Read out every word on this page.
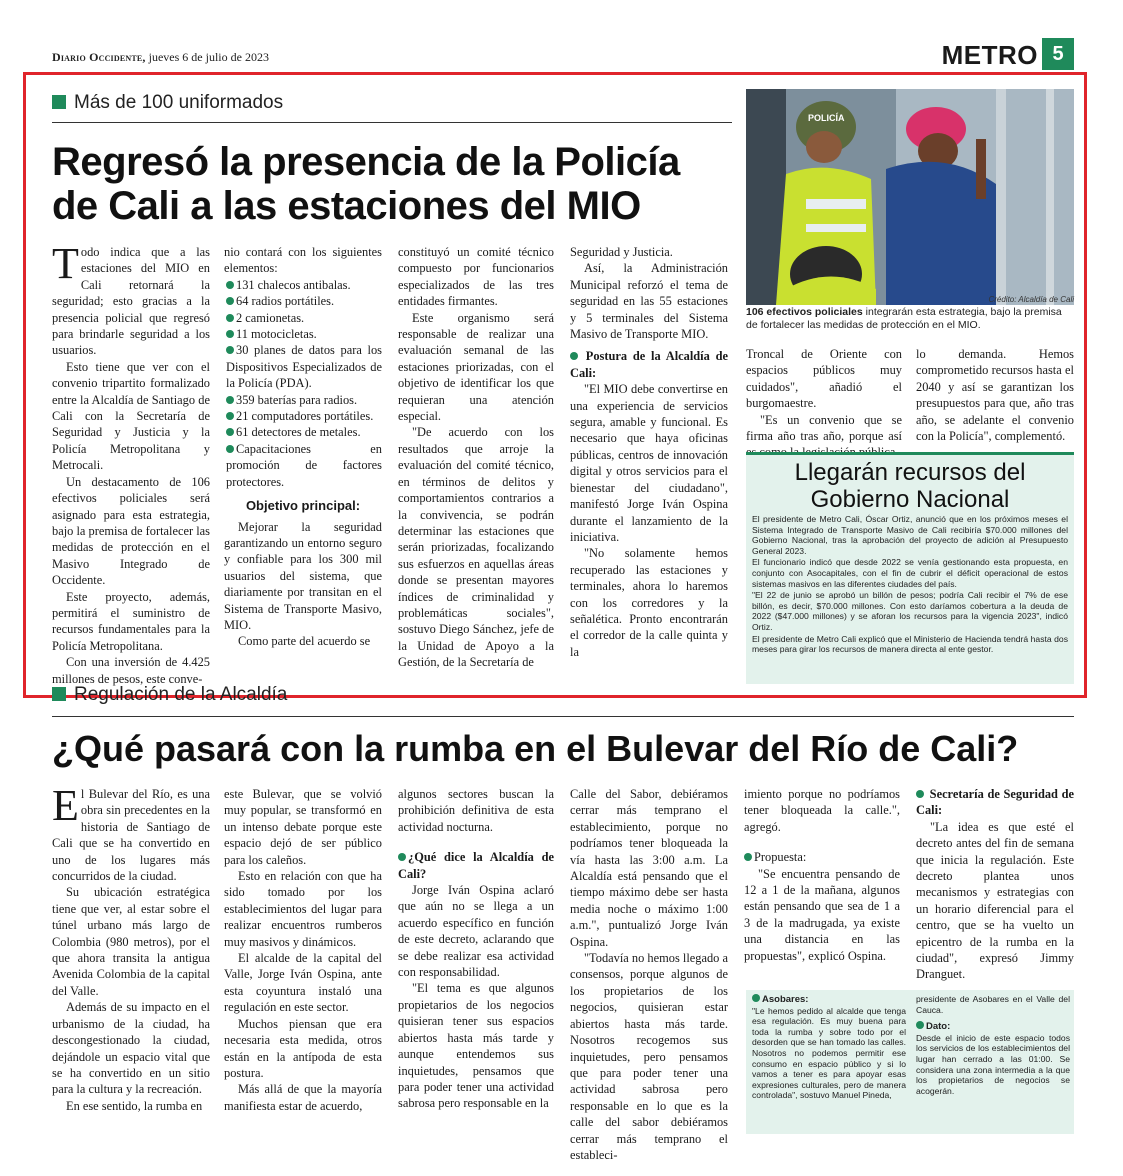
Diario Occidente, jueves 6 de julio de 2023	METRO 5
Más de 100 uniformados
Regresó la presencia de la Policía de Cali a las estaciones del MIO

Todo indica que a las estaciones del MIO en Cali retornará la seguridad; esto gracias a la presencia policial que regresó para brindarle seguridad a los usuarios.

Esto tiene que ver con el convenio tripartito formalizado entre la Alcaldía de Santiago de Cali con la Secretaría de Seguridad y Justicia y la Policía Metropolitana y Metrocali.

Un destacamento de 106 efectivos policiales será asignado para esta estrategia, bajo la premisa de fortalecer las medidas de protección en el Masivo Integrado de Occidente.

Este proyecto, además, permitirá el suministro de recursos fundamentales para la Policía Metropolitana.

Con una inversión de 4.425 millones de pesos, este conve-

nio contará con los siguientes elementos:

131 chalecos antibalas.

64 radios portátiles.

2 camionetas.

11 motocicletas.

30 planes de datos para los Dispositivos Especializados de la Policía (PDA).

359 baterías para radios.

21 computadores portátiles.

61 detectores de metales.

Capacitaciones en promoción de factores protectores.

Objetivo principal:

Mejorar la seguridad garantizando un entorno seguro y confiable para los 300 mil usuarios del sistema, que diariamente por transitan en el Sistema de Transporte Masivo, MIO.

Como parte del acuerdo se

constituyó un comité técnico compuesto por funcionarios especializados de las tres entidades firmantes.

Este organismo será responsable de realizar una evaluación semanal de las estaciones priorizadas, con el objetivo de identificar los que requieran una atención especial.

"De acuerdo con los resultados que arroje la evaluación del comité técnico, en términos de delitos y comportamientos contrarios a la convivencia, se podrán determinar las estaciones que serán priorizadas, focalizando sus esfuerzos en aquellas áreas donde se presentan mayores índices de criminalidad y problemáticas sociales", sostuvo Diego Sánchez, jefe de la Unidad de Apoyo a la Gestión, de la Secretaría de

Seguridad y Justicia.

Así, la Administración Municipal reforzó el tema de seguridad en las 55 estaciones y 5 terminales del Sistema Masivo de Transporte MIO.

Postura de la Alcaldía de Cali:

"El MIO debe convertirse en una experiencia de servicios segura, amable y funcional. Es necesario que haya oficinas públicas, centros de innovación digital y otros servicios para el bienestar del ciudadano", manifestó Jorge Iván Ospina durante el lanzamiento de la iniciativa.

"No solamente hemos recuperado las estaciones y terminales, ahora lo haremos con los corredores y la señalética. Pronto encontrarán el corredor de la calle quinta y la

POLICÍA
Crédito: Alcaldía de Cali
106 efectivos policiales integrarán esta estrategia, bajo la premisa de fortalecer las medidas de protección en el MIO.

Troncal de Oriente con espacios públicos muy cuidados", añadió el burgomaestre.

"Es un convenio que se firma año tras año, porque así

lo demanda. Hemos comprometido recursos hasta el 2040 y así se garantizan los presupuestos para que, año tras año, se adelante el convenio con la Policía", complementó.

Llegarán recursos del Gobierno Nacional

El presidente de Metro Cali, Óscar Ortiz, anunció que en los próximos meses el Sistema Integrado de Transporte Masivo de Cali recibiría $70.000 millones del Gobierno Nacional, tras la aprobación del proyecto de adición al Presupuesto General 2023.

El funcionario indicó que desde 2022 se venía gestionando esta propuesta, en conjunto con Asocapitales, con el fin de cubrir el déficit operacional de estos sistemas masivos en las diferentes ciudades del país.

"El 22 de junio se aprobó un billón de pesos; podría Cali recibir el 7% de ese billón, es decir, $70.000 millones. Con esto daríamos cobertura a la deuda de 2022 ($47.000 millones) y se aforan los recursos para la vigencia 2023", indicó Ortiz.

El presidente de Metro Cali explicó que el Ministerio de Hacienda tendrá hasta dos meses para girar los recursos de manera directa al ente gestor.

Regulación de la Alcaldía
¿Qué pasará con la rumba en el Bulevar del Río de Cali?

El Bulevar del Río, es una obra sin precedentes en la historia de Santiago de Cali que se ha convertido en uno de los lugares más concurridos de la ciudad.

Su ubicación estratégica tiene que ver, al estar sobre el túnel urbano más largo de Colombia (980 metros), por el que ahora transita la antigua Avenida Colombia de la capital del Valle.

Además de su impacto en el urbanismo de la ciudad, ha descongestionado la ciudad, dejándole un espacio vital que se ha convertido en un sitio para la cultura y la recreación.

En ese sentido, la rumba en

este Bulevar, que se volvió muy popular, se transformó en un intenso debate porque este espacio dejó de ser público para los caleños.

Esto en relación con que ha sido tomado por los establecimientos del lugar para realizar encuentros rumberos muy masivos y dinámicos.

El alcalde de la capital del Valle, Jorge Iván Ospina, ante esta coyuntura instaló una regulación en este sector.

Muchos piensan que era necesaria esta medida, otros están en la antípoda de esta postura.

Más allá de que la mayoría manifiesta estar de acuerdo,

algunos sectores buscan la prohibición definitiva de esta actividad nocturna.

¿Qué dice la Alcaldía de Cali?

Jorge Iván Ospina aclaró que aún no se llega a un acuerdo específico en función de este decreto, aclarando que se debe realizar esa actividad con responsabilidad.

"El tema es que algunos propietarios de los negocios quisieran tener sus espacios abiertos hasta más tarde y aunque entendemos sus inquietudes, pensamos que para poder tener una actividad sabrosa pero responsable en la

Calle del Sabor, debiéramos cerrar más temprano el establecimiento, porque no podríamos tener bloqueada la vía hasta las 3:00 a.m. La Alcaldía está pensando que el tiempo máximo debe ser hasta media noche o máximo 1:00 a.m.", puntualizó Jorge Iván Ospina.

"Todavía no hemos llegado a consensos, porque algunos de los propietarios de los negocios, quisieran estar abiertos hasta más tarde. Nosotros recogemos sus inquietudes, pero pensamos que para poder tener una actividad sabrosa pero responsable en lo que es la calle del sabor debiéramos cerrar más temprano el estableci-

imiento porque no podríamos tener bloqueada la calle.", agregó.

Propuesta:

"Se encuentra pensando de 12 a 1 de la mañana, algunos están pensando que sea de 1 a 3 de la madrugada, ya existe una distancia en las propuestas", explicó Ospina.

Secretaría de Seguridad de Cali:

"La idea es que esté el decreto antes del fin de semana que inicia la regulación. Este decreto plantea unos mecanismos y estrategias con un horario diferencial para el centro, que se ha vuelto un epicentro de la rumba en la ciudad", expresó Jimmy Dranguet.

Asobares:
"Le hemos pedido al alcalde que tenga esa regulación. Es muy buena para toda la rumba y sobre todo por el desorden que se han tomado las calles. Nosotros no podemos permitir ese consumo en espacio público y si lo vamos a tener es para apoyar esas expresiones culturales, pero de manera controlada", sostuvo Manuel Pineda,
presidente de Asobares en el Valle del Cauca.
Dato:
Desde el inicio de este espacio todos los servicios de los establecimientos del lugar han cerrado a las 01:00. Se considera una zona intermedia a la que los propietarios de negocios se acogerán.
